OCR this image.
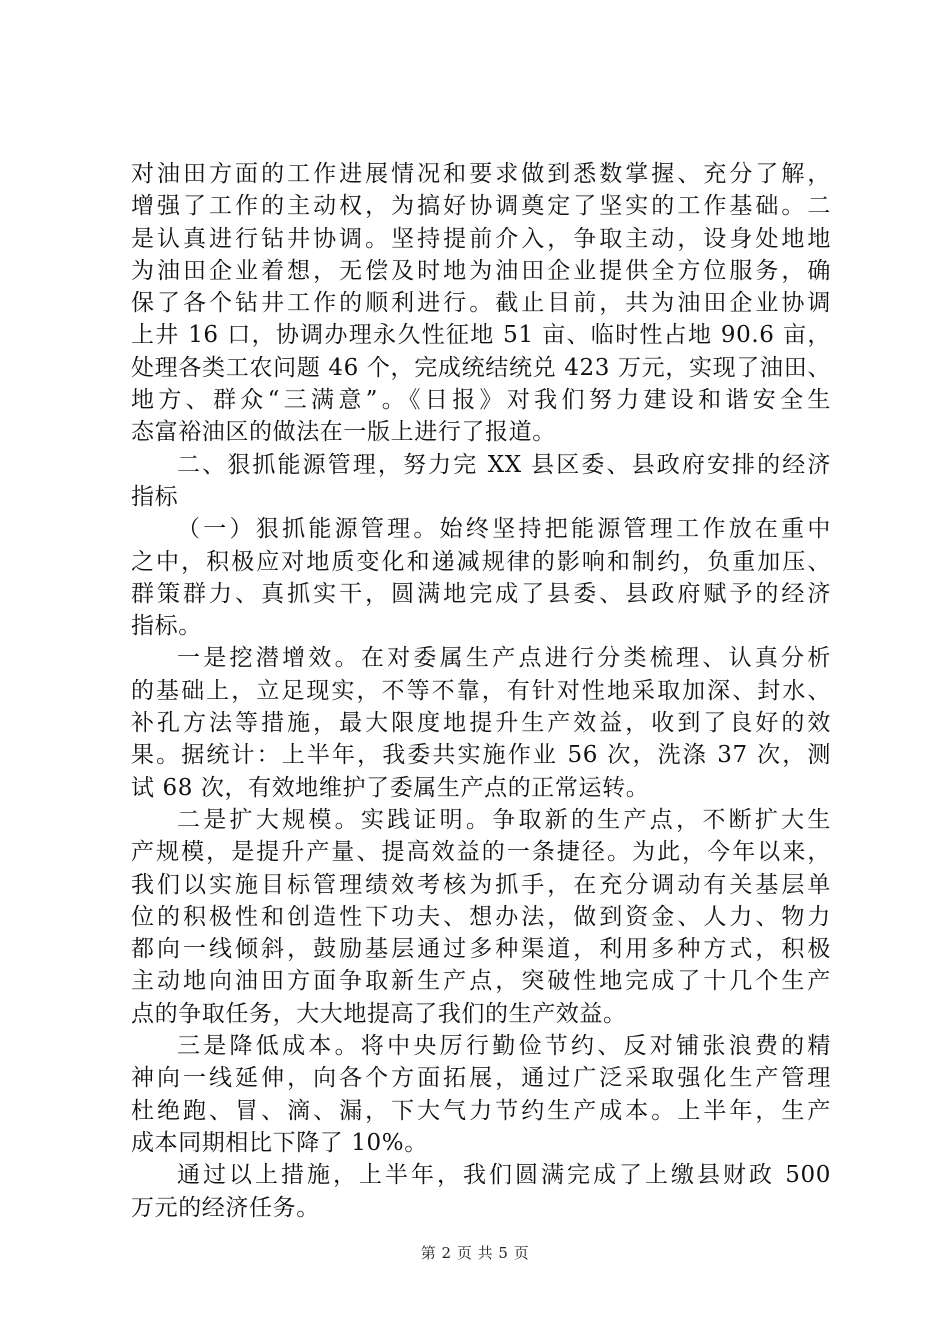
对油田方面的工作进展情况和要求做到悉数掌握、充分了解，
增强了工作的主动权，为搞好协调奠定了坚实的工作基础。二
是认真进行钻井协调。坚持提前介入，争取主动，设身处地地
为油田企业着想，无偿及时地为油田企业提供全方位服务，确
保了各个钻井工作的顺利进行。截止目前，共为油田企业协调
上井 16 口，协调办理永久性征地 51 亩、临时性占地 90.6 亩，
处理各类工农问题 46 个，完成统结统兑 423 万元，实现了油田、
地方、群众“三满意”。《日报》对我们努力建设和谐安全生
态富裕油区的做法在一版上进行了报道。
二、狠抓能源管理，努力完 XX 县区委、县政府安排的经济
指标
（一）狠抓能源管理。始终坚持把能源管理工作放在重中
之中，积极应对地质变化和递减规律的影响和制约，负重加压、
群策群力、真抓实干，圆满地完成了县委、县政府赋予的经济
指标。
一是挖潜增效。在对委属生产点进行分类梳理、认真分析
的基础上，立足现实，不等不靠，有针对性地采取加深、封水、
补孔方法等措施，最大限度地提升生产效益，收到了良好的效
果。据统计：上半年，我委共实施作业 56 次，洗涤 37 次，测
试 68 次，有效地维护了委属生产点的正常运转。
二是扩大规模。实践证明。争取新的生产点，不断扩大生
产规模，是提升产量、提高效益的一条捷径。为此，今年以来，
我们以实施目标管理绩效考核为抓手，在充分调动有关基层单
位的积极性和创造性下功夫、想办法，做到资金、人力、物力
都向一线倾斜，鼓励基层通过多种渠道，利用多种方式，积极
主动地向油田方面争取新生产点，突破性地完成了十几个生产
点的争取任务，大大地提高了我们的生产效益。
三是降低成本。将中央厉行勤俭节约、反对铺张浪费的精
神向一线延伸，向各个方面拓展，通过广泛采取强化生产管理
杜绝跑、冒、滴、漏，下大气力节约生产成本。上半年，生产
成本同期相比下降了 10%。
通过以上措施，上半年，我们圆满完成了上缴县财政 500
万元的经济任务。
第 2 页 共 5 页
